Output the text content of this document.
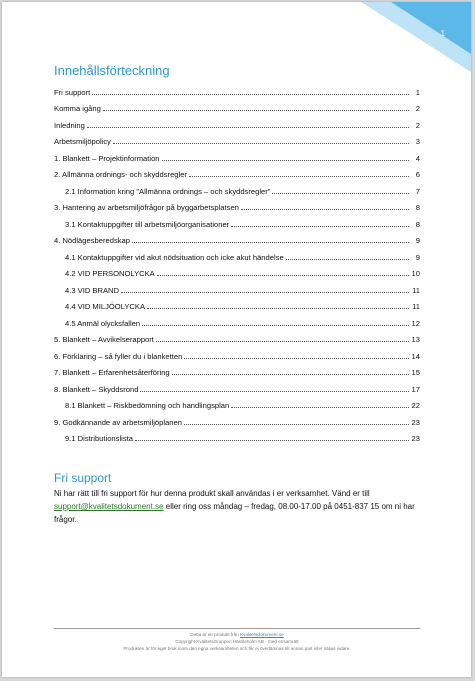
1
Innehållsförteckning
Fri support	1
Komma igång	2
Inledning	2
Arbetsmiljöpolicy	3
1. Blankett – Projektinformation	4
2. Allmänna ordnings- och skyddsregler	6
2.1 Information kring "Allmänna ordnings – och skyddsregler"	7
3. Hantering av arbetsmiljöfrågor på byggarbetsplatsen	8
3.1 Kontaktuppgifter till arbetsmiljöorganisationer	8
4. Nödlägesberedskap	9
4.1 Kontaktuppgifter vid akut nödsituation och icke akut händelse	9
4.2 VID PERSONOLYCKA	10
4.3 VID BRAND	11
4.4 VID MILJÖOLYCKA	11
4.5 Anmäl olycksfallen	12
5. Blankett – Avvikelserapport	13
6. Förklaring – så fyller du i blanketten	14
7. Blankett – Erfarenhetsåterföring	15
8. Blankett – Skyddsrond	17
8.1 Blankett – Riskbedömning och handlingsplan	22
9. Godkännande av arbetsmiljöplanen	23
9.1 Distributionslista	23
Fri support
Ni har rätt till fri support för hur denna produkt skall användas i er verksamhet. Vänd er till support@kvalitetsdokument.se eller ring oss måndag – fredag, 08.00-17.00 på 0451-837 15 om ni har frågor.
Detta är en produkt från Kvalitetsdokument.se
Copyright KvalitetsGruppen Hässleholm AB - med ensamrätt
Produkten är för eget bruk inom den egna verksamheten och får ej överlämnas till annan part eller säljas vidare.
